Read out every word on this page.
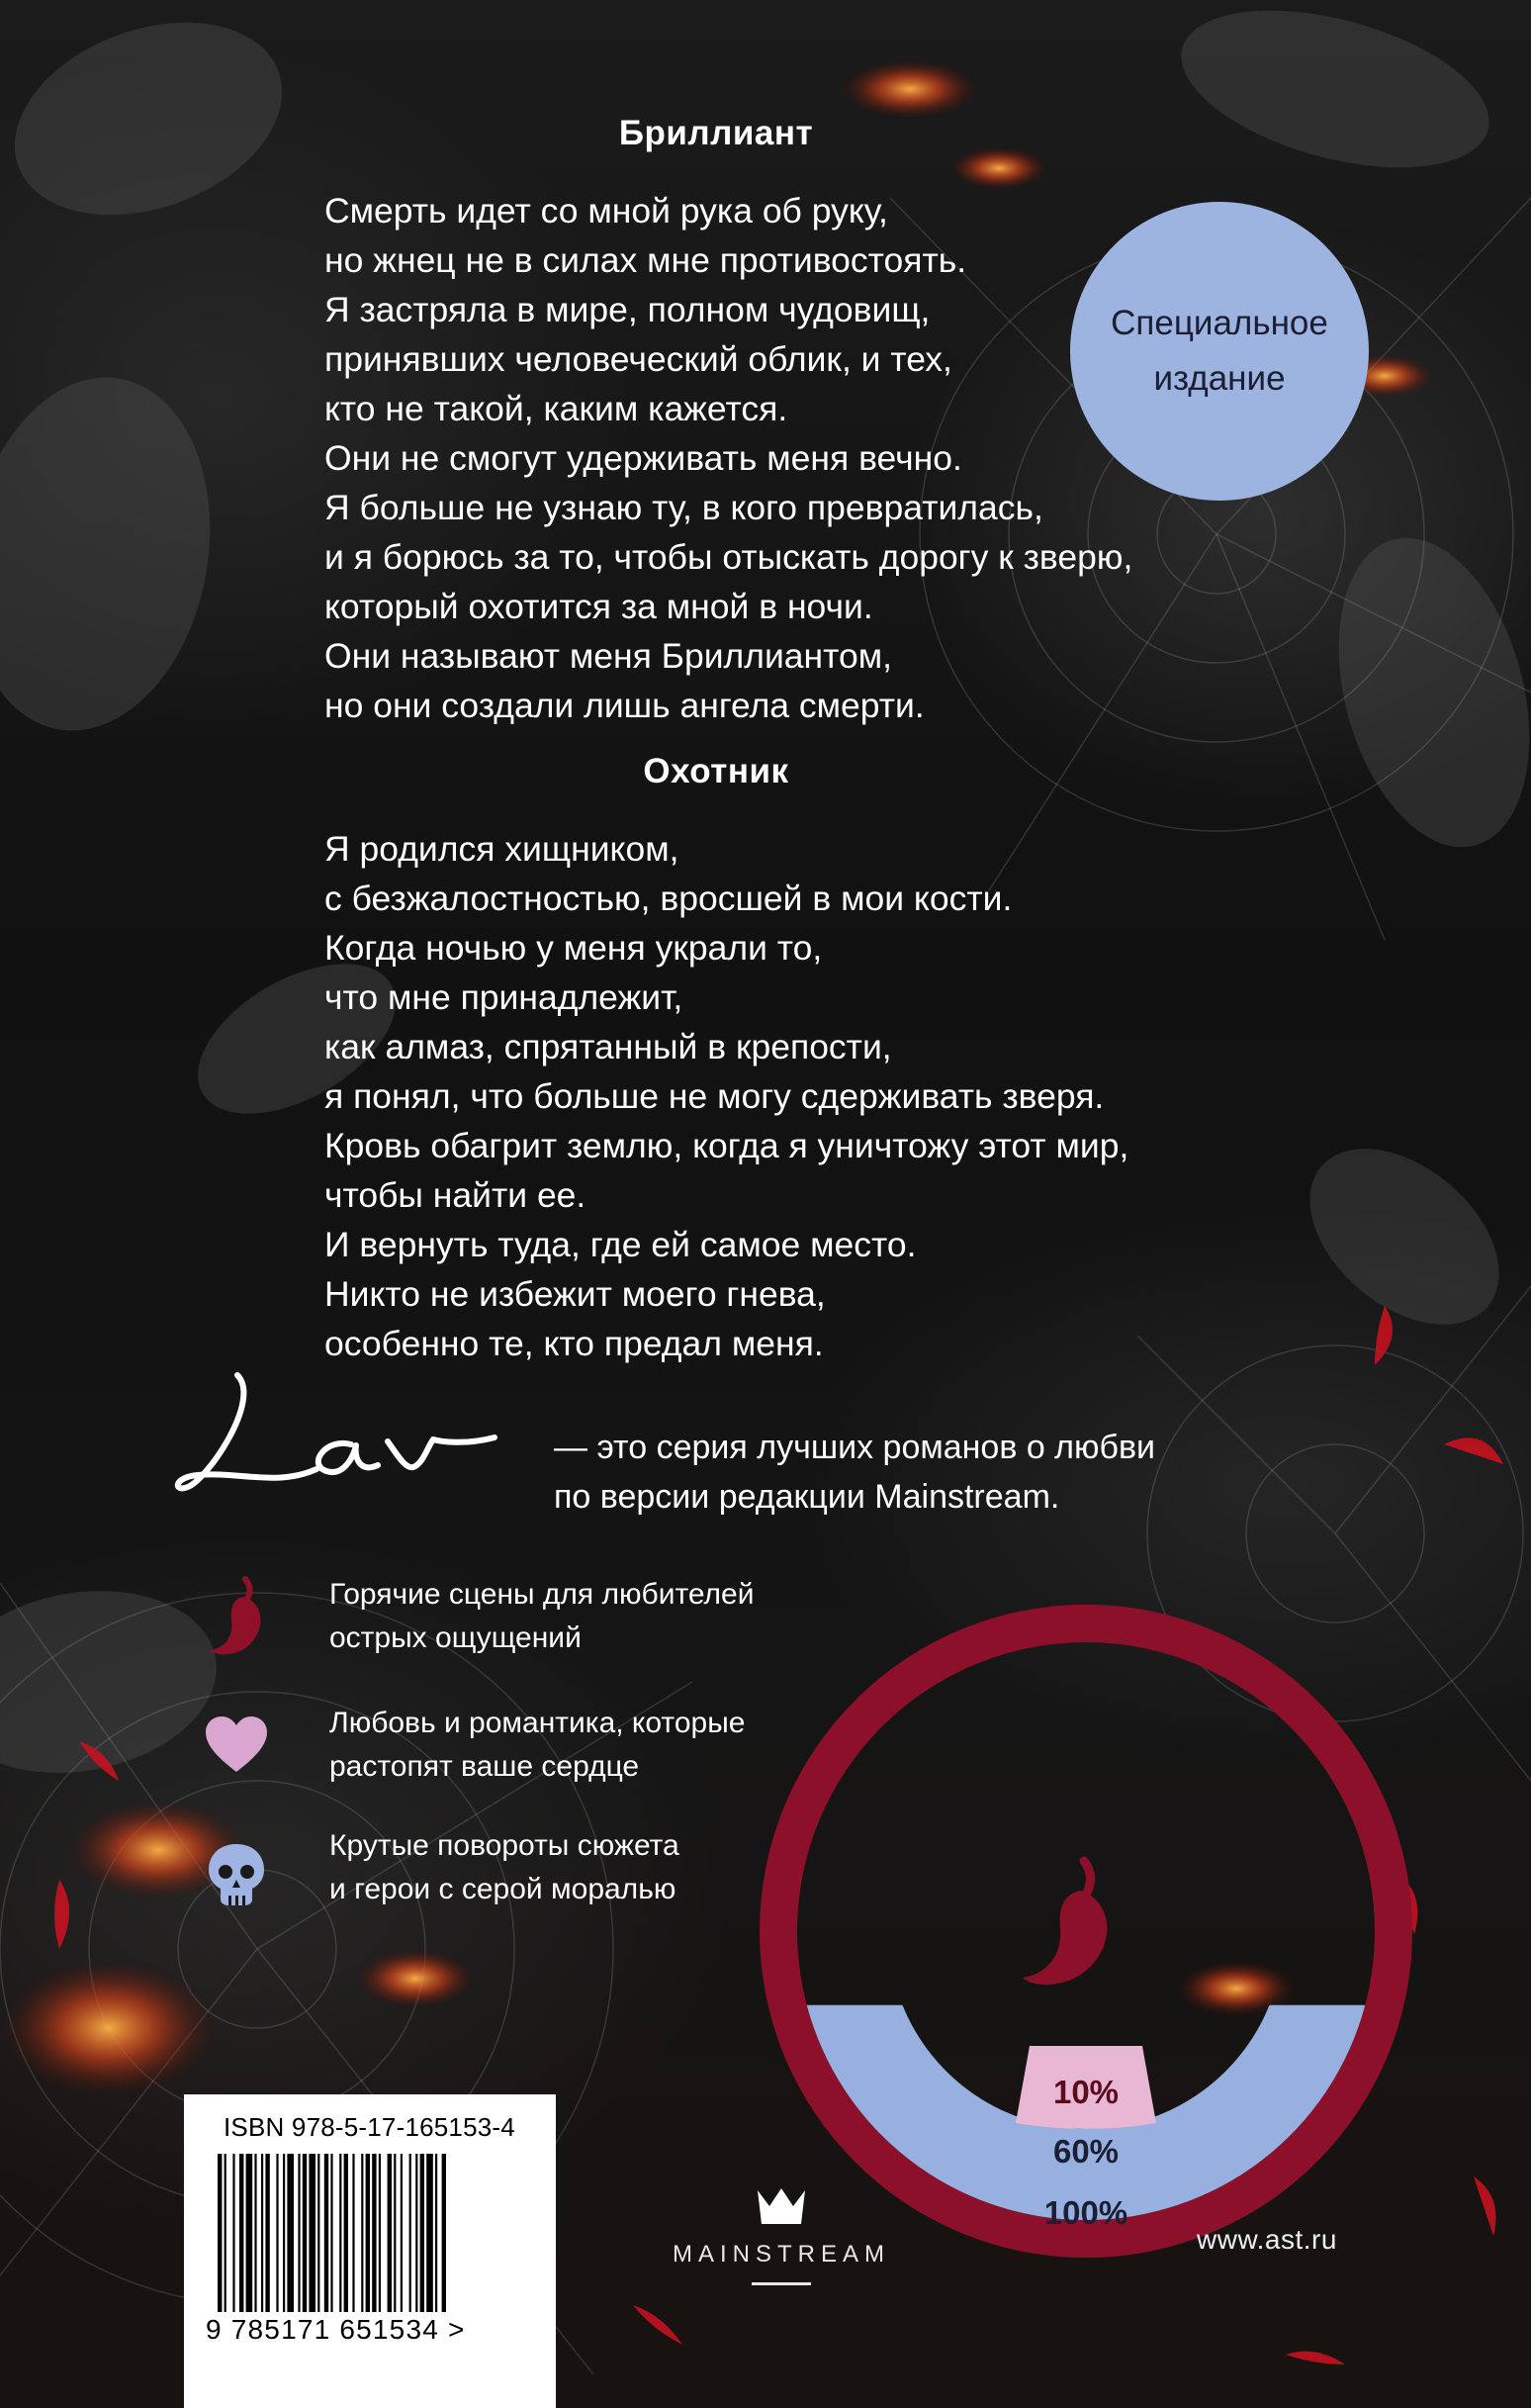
Бриллиант
Смерть идет со мной рука об руку,
но жнец не в силах мне противостоять.
Я застряла в мире, полном чудовищ,
принявших человеческий облик, и тех,
кто не такой, каким кажется.
Они не смогут удерживать меня вечно.
Я больше не узнаю ту, в кого превратилась,
и я борюсь за то, чтобы отыскать дорогу к зверю,
который охотится за мной в ночи.
Они называют меня Бриллиантом,
но они создали лишь ангела смерти.
Специальное
издание
Охотник
Я родился хищником,
с безжалостностью, вросшей в мои кости.
Когда ночью у меня украли то,
что мне принадлежит,
как алмаз, спрятанный в крепости,
я понял, что больше не могу сдерживать зверя.
Кровь обагрит землю, когда я уничтожу этот мир,
чтобы найти ее.
И вернуть туда, где ей самое место.
Никто не избежит моего гнева,
особенно те, кто предал меня.
— это серия лучших романов о любви
по версии редакции Mainstream.
Горячие сцены для любителей
острых ощущений
Любовь и романтика, которые
растопят ваше сердце
Крутые повороты сюжета
и герои с серой моралью
10%
60%
100%
ISBN 978-5-17-165153-4
9 785171 651534 >
MAINSTREAM	www.ast.ru
